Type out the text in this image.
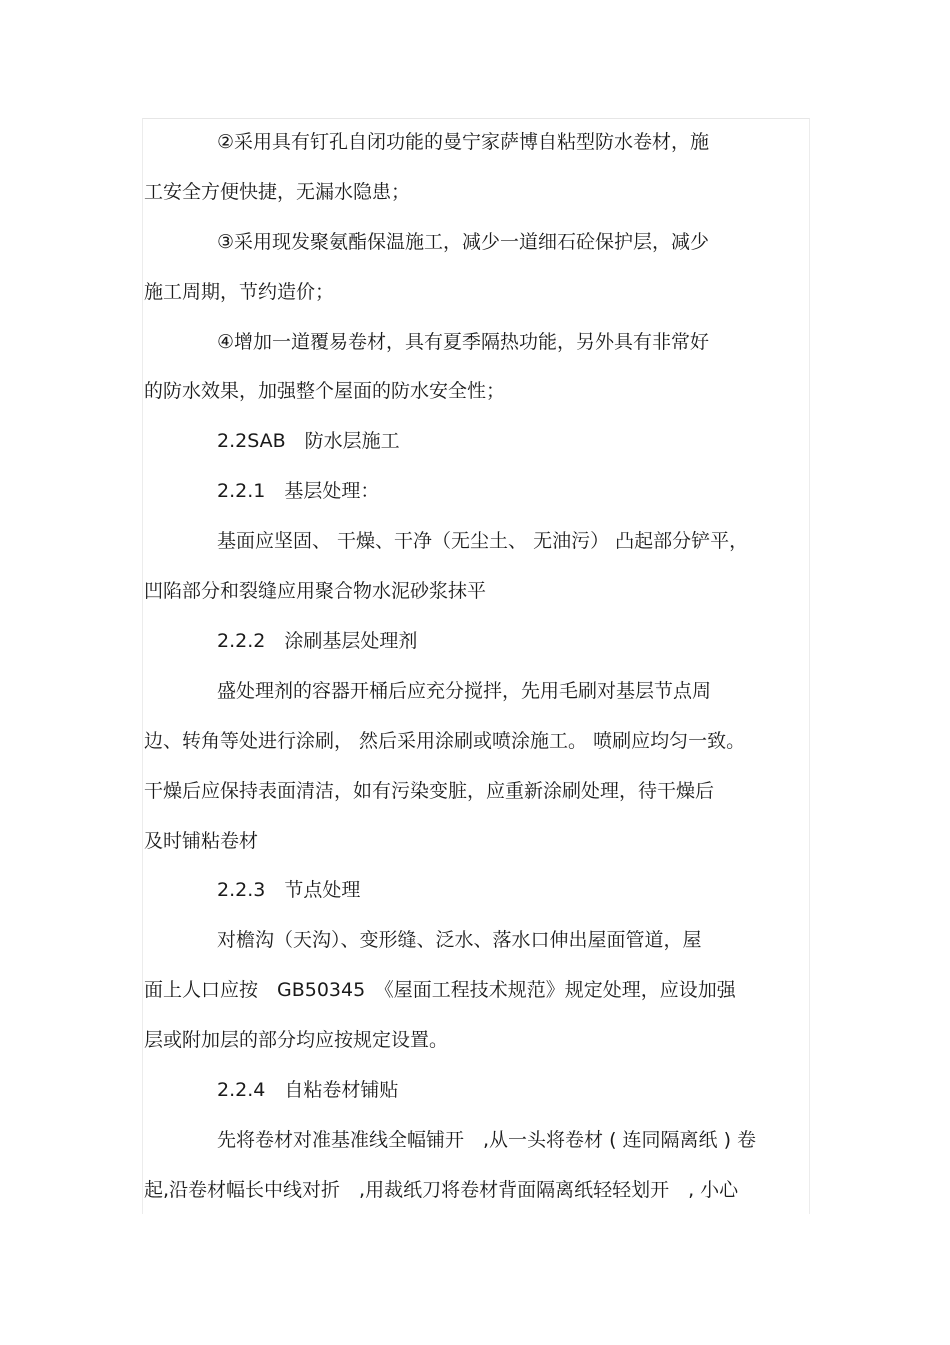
②采用具有钉孔自闭功能的曼宁家萨博自粘型防水卷材，施
工安全方便快捷，无漏水隐患；
③采用现发聚氨酯保温施工，减少一道细石砼保护层，减少
施工周期，节约造价；
④增加一道覆易卷材，具有夏季隔热功能，另外具有非常好
的防水效果，加强整个屋面的防水安全性；
2.2SAB　防水层施工
2.2.1　基层处理：
基面应坚固、 干燥、干净（无尘土、 无油污） 凸起部分铲平，
凹陷部分和裂缝应用聚合物水泥砂浆抹平
2.2.2　涂刷基层处理剂
盛处理剂的容器开桶后应充分搅拌，先用毛刷对基层节点周
边、转角等处进行涂刷， 然后采用涂刷或喷涂施工。 喷刷应均匀一致。
干燥后应保持表面清洁，如有污染变脏，应重新涂刷处理，待干燥后
及时铺粘卷材
2.2.3　节点处理
对檐沟（天沟）、变形缝、泛水、落水口伸出屋面管道，屋
面上人口应按　GB50345　《屋面工程技术规范》规定处理，应设加强
层或附加层的部分均应按规定设置。
2.2.4　自粘卷材铺贴
先将卷材对准基准线全幅铺开　,从一头将卷材 ( 连同隔离纸 ) 卷
起,沿卷材幅长中线对折　,用裁纸刀将卷材背面隔离纸轻轻划开　, 小心
